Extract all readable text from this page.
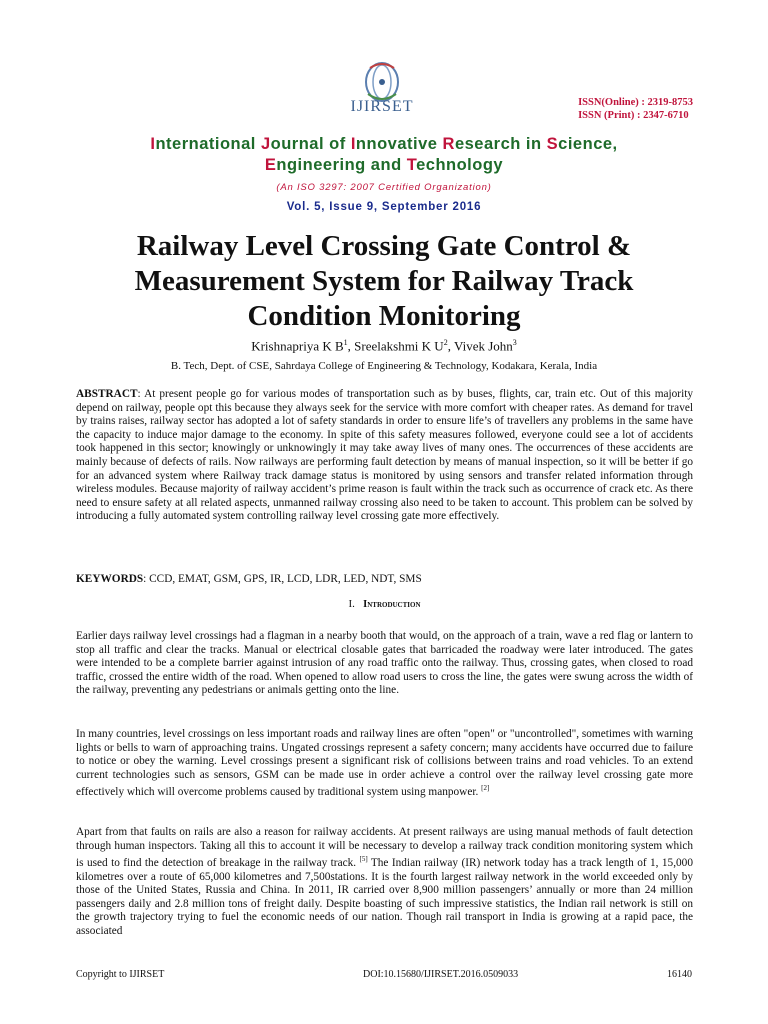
IJIRSET	ISSN(Online) : 2319-8753
ISSN (Print) : 2347-6710
International Journal of Innovative Research in Science,
Engineering and Technology
(An ISO 3297: 2007 Certified Organization)
Vol. 5, Issue 9, September 2016
Railway Level Crossing Gate Control &
Measurement System for Railway Track
Condition Monitoring
Krishnapriya K $B^1$, Sreelakshmi K $U^2$, Vivek John$^3$
B. Tech, Dept. of CSE, Sahrdaya College of Engineering & Technology, Kodakara, Kerala, India

ABSTRACT: At present people go for various modes of transportation such as by buses, flights, car, train etc. Out of this majority depend on railway, people opt this because they always seek for the service with more comfort with cheaper rates. As demand for travel by trains raises, railway sector has adopted a lot of safety standards in order to ensure life’s of travellers any problems in the same have the capacity to induce major damage to the economy. In spite of this safety measures followed, everyone could see a lot of accidents took happened in this sector; knowingly or unknowingly it may take away lives of many ones. The occurrences of these accidents are mainly because of defects of rails. Now railways are performing fault detection by means of manual inspection, so it will be better if go for an advanced system where Railway track damage status is monitored by using sensors and transfer related information through wireless modules. Because majority of railway accident’s prime reason is fault within the track such as occurrence of crack etc. As there need to ensure safety at all related aspects, unmanned railway crossing also need to be taken to account. This problem can be solved by introducing a fully automated system controlling railway level crossing gate more effectively.

KEYWORDS: CCD, EMAT, GSM, GPS, IR, LCD, LDR, LED, NDT, SMS

I. Introduction

Earlier days railway level crossings had a flagman in a nearby booth that would, on the approach of a train, wave a red flag or lantern to stop all traffic and clear the tracks. Manual or electrical closable gates that barricaded the roadway were later introduced. The gates were intended to be a complete barrier against intrusion of any road traffic onto the railway. Thus, crossing gates, when closed to road traffic, crossed the entire width of the road. When opened to allow road users to cross the line, the gates were swung across the width of the railway, preventing any pedestrians or animals getting onto the line.

In many countries, level crossings on less important roads and railway lines are often "open" or "uncontrolled", sometimes with warning lights or bells to warn of approaching trains. Ungated crossings represent a safety concern; many accidents have occurred due to failure to notice or obey the warning. Level crossings present a significant risk of collisions between trains and road vehicles. To an extend current technologies such as sensors, GSM can be made use in order achieve a control over the railway level crossing gate more effectively which will overcome problems caused by traditional system using manpower. [2]

Apart from that faults on rails are also a reason for railway accidents. At present railways are using manual methods of fault detection through human inspectors. Taking all this to account it will be necessary to develop a railway track condition monitoring system which is used to find the detection of breakage in the railway track. [5] The Indian railway (IR) network today has a track length of 1, 15,000 kilometres over a route of 65,000 kilometres and 7,500stations. It is the fourth largest railway network in the world exceeded only by those of the United States, Russia and China. In 2011, IR carried over 8,900 million passengers’ annually or more than 24 million passengers daily and 2.8 million tons of freight daily. Despite boasting of such impressive statistics, the Indian rail network is still on the growth trajectory trying to fuel the economic needs of our nation. Though rail transport in India is growing at a rapid pace, the associated

Copyright to IJIRSET	DOI:10.15680/IJIRSET.2016.0509033	16140
